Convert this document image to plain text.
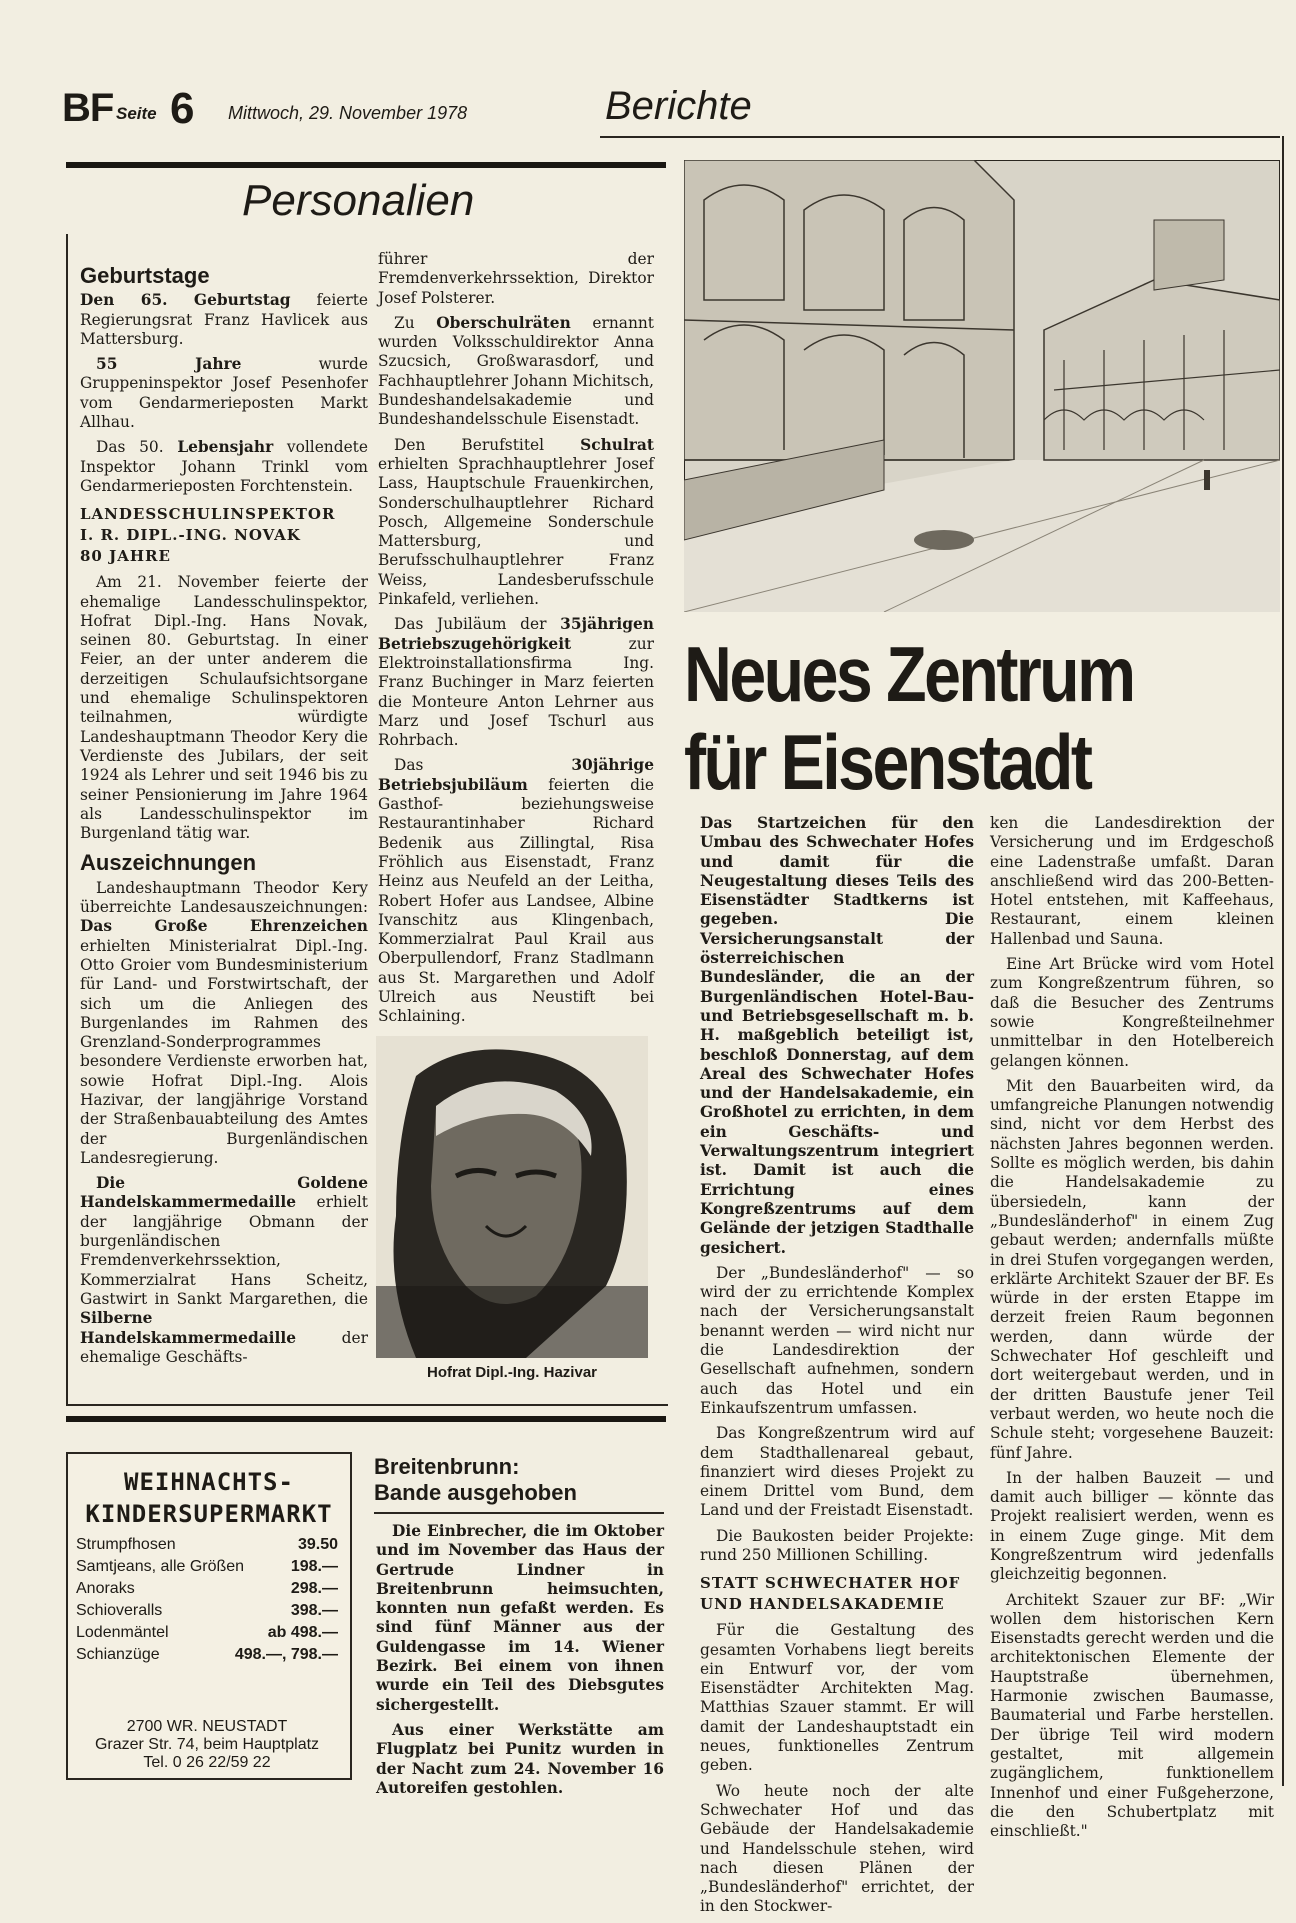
BF Seite 6 Mittwoch, 29. November 1978	Berichte
Personalien
Geburtstage

Den 65. Geburtstag feierte Regierungsrat Franz Havlicek aus Mattersburg.

55 Jahre wurde Gruppeninspektor Josef Pesenhofer vom Gendarmerieposten Markt Allhau.

Das 50. Lebensjahr vollendete Inspektor Johann Trinkl vom Gendarmerieposten Forchtenstein.

LANDESSCHULINSPEKTOR
I. R. DIPL.-ING. NOVAK
80 JAHRE

Am 21. November feierte der ehemalige Landesschulinspektor, Hofrat Dipl.-Ing. Hans Novak, seinen 80. Geburtstag. In einer Feier, an der unter anderem die derzeitigen Schulaufsichtsorgane und ehemalige Schulinspektoren teilnahmen, würdigte Landeshauptmann Theodor Kery die Verdienste des Jubilars, der seit 1924 als Lehrer und seit 1946 bis zu seiner Pensionierung im Jahre 1964 als Landesschulinspektor im Burgenland tätig war.

Auszeichnungen

Landeshauptmann Theodor Kery überreichte Landesauszeichnungen: Das Große Ehrenzeichen erhielten Ministerialrat Dipl.-Ing. Otto Groier vom Bundesministerium für Land- und Forstwirtschaft, der sich um die Anliegen des Burgenlandes im Rahmen des Grenzland-Sonderprogrammes besondere Verdienste erworben hat, sowie Hofrat Dipl.-Ing. Alois Hazivar, der langjährige Vorstand der Straßenbauabteilung des Amtes der Burgenländischen Landesregierung.

Die Goldene Handelskammermedaille erhielt der langjährige Obmann der burgenländischen Fremdenverkehrssektion, Kommerzialrat Hans Scheitz, Gastwirt in Sankt Margarethen, die Silberne Handelskammermedaille der ehemalige Geschäfts-

führer der Fremdenverkehrssektion, Direktor Josef Polsterer.

Zu Oberschulräten ernannt wurden Volksschuldirektor Anna Szucsich, Großwarasdorf, und Fachhauptlehrer Johann Michitsch, Bundeshandelsakademie und Bundeshandelsschule Eisenstadt.

Den Berufstitel Schulrat erhielten Sprachhauptlehrer Josef Lass, Hauptschule Frauenkirchen, Sonderschulhauptlehrer Richard Posch, Allgemeine Sonderschule Mattersburg, und Berufsschulhauptlehrer Franz Weiss, Landesberufsschule Pinkafeld, verliehen.

Das Jubiläum der 35jährigen Betriebszugehörigkeit zur Elektroinstallationsfirma Ing. Franz Buchinger in Marz feierten die Monteure Anton Lehrner aus Marz und Josef Tschurl aus Rohrbach.

Das 30jährige Betriebsjubiläum feierten die Gasthof- beziehungsweise Restaurantinhaber Richard Bedenik aus Zillingtal, Risa Fröhlich aus Eisenstadt, Franz Heinz aus Neufeld an der Leitha, Robert Hofer aus Landsee, Albine Ivanschitz aus Klingenbach, Kommerzialrat Paul Krail aus Oberpullendorf, Franz Stadlmann aus St. Margarethen und Adolf Ulreich aus Neustift bei Schlaining.

Hofrat Dipl.-Ing. Hazivar
WEIHNACHTS-
KINDERSUPERMARKT
Strumpfhosen	39.50
Samtjeans, alle Größen	198.—
Anoraks	298.—
Schioveralls	398.—
Lodenmäntel	ab 498.—
Schianzüge	498.—, 798.—
2700 WR. NEUSTADT
Grazer Str. 74, beim Hauptplatz
Tel. 0 26 22/59 22
Breitenbrunn:
Bande ausgehoben

Die Einbrecher, die im Oktober und im November das Haus der Gertrude Lindner in Breitenbrunn heimsuchten, konnten nun gefaßt werden. Es sind fünf Männer aus der Guldengasse im 14. Wiener Bezirk. Bei einem von ihnen wurde ein Teil des Diebsgutes sichergestellt.

Aus einer Werkstätte am Flugplatz bei Punitz wurden in der Nacht zum 24. November 16 Autoreifen gestohlen.

Neues Zentrum
für Eisenstadt

Das Startzeichen für den Umbau des Schwechater Hofes und damit für die Neugestaltung dieses Teils des Eisenstädter Stadtkerns ist gegeben. Die Versicherungsanstalt der österreichischen Bundesländer, die an der Burgenländischen Hotel-Bau- und Betriebsgesellschaft m. b. H. maßgeblich beteiligt ist, beschloß Donnerstag, auf dem Areal des Schwechater Hofes und der Handelsakademie, ein Großhotel zu errichten, in dem ein Geschäfts- und Verwaltungszentrum integriert ist. Damit ist auch die Errichtung eines Kongreßzentrums auf dem Gelände der jetzigen Stadthalle gesichert.

Der „Bundesländerhof" — so wird der zu errichtende Komplex nach der Versicherungsanstalt benannt werden — wird nicht nur die Landesdirektion der Gesellschaft aufnehmen, sondern auch das Hotel und ein Einkaufszentrum umfassen.

Das Kongreßzentrum wird auf dem Stadthallenareal gebaut, finanziert wird dieses Projekt zu einem Drittel vom Bund, dem Land und der Freistadt Eisenstadt.

Die Baukosten beider Projekte: rund 250 Millionen Schilling.

STATT SCHWECHATER HOF
UND HANDELSAKADEMIE

Für die Gestaltung des gesamten Vorhabens liegt bereits ein Entwurf vor, der vom Eisenstädter Architekten Mag. Matthias Szauer stammt. Er will damit der Landeshauptstadt ein neues, funktionelles Zentrum geben.

Wo heute noch der alte Schwechater Hof und das Gebäude der Handelsakademie und Handelsschule stehen, wird nach diesen Plänen der „Bundesländerhof" errichtet, der in den Stockwer-

ken die Landesdirektion der Versicherung und im Erdgeschoß eine Ladenstraße umfaßt. Daran anschließend wird das 200-Betten-Hotel entstehen, mit Kaffeehaus, Restaurant, einem kleinen Hallenbad und Sauna.

Eine Art Brücke wird vom Hotel zum Kongreßzentrum führen, so daß die Besucher des Zentrums sowie Kongreßteilnehmer unmittelbar in den Hotelbereich gelangen können.

Mit den Bauarbeiten wird, da umfangreiche Planungen notwendig sind, nicht vor dem Herbst des nächsten Jahres begonnen werden. Sollte es möglich werden, bis dahin die Handelsakademie zu übersiedeln, kann der „Bundesländerhof" in einem Zug gebaut werden; andernfalls müßte in drei Stufen vorgegangen werden, erklärte Architekt Szauer der BF. Es würde in der ersten Etappe im derzeit freien Raum begonnen werden, dann würde der Schwechater Hof geschleift und dort weitergebaut werden, und in der dritten Baustufe jener Teil verbaut werden, wo heute noch die Schule steht; vorgesehene Bauzeit: fünf Jahre.

In der halben Bauzeit — und damit auch billiger — könnte das Projekt realisiert werden, wenn es in einem Zuge ginge. Mit dem Kongreßzentrum wird jedenfalls gleichzeitig begonnen.

Architekt Szauer zur BF: „Wir wollen dem historischen Kern Eisenstadts gerecht werden und die architektonischen Elemente der Hauptstraße übernehmen, Harmonie zwischen Baumasse, Baumaterial und Farbe herstellen. Der übrige Teil wird modern gestaltet, mit allgemein zugänglichem, funktionellem Innenhof und einer Fußgeherzone, die den Schubertplatz mit einschließt."
